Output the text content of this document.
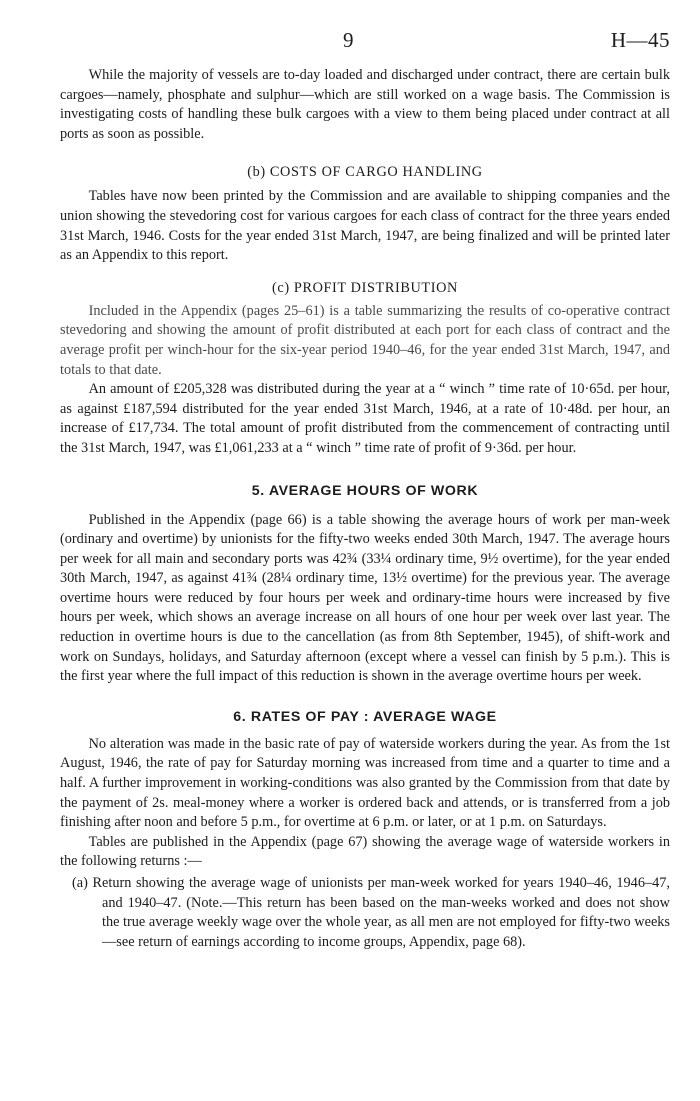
9	H—45

While the majority of vessels are to-day loaded and discharged under contract, there are certain bulk cargoes—namely, phosphate and sulphur—which are still worked on a wage basis. The Commission is investigating costs of handling these bulk cargoes with a view to them being placed under contract at all ports as soon as possible.

(b) COSTS OF CARGO HANDLING

Tables have now been printed by the Commission and are available to shipping companies and the union showing the stevedoring cost for various cargoes for each class of contract for the three years ended 31st March, 1946. Costs for the year ended 31st March, 1947, are being finalized and will be printed later as an Appendix to this report.

(c) PROFIT DISTRIBUTION

Included in the Appendix (pages 25–61) is a table summarizing the results of co-operative contract stevedoring and showing the amount of profit distributed at each port for each class of contract and the average profit per winch-hour for the six-year period 1940–46, for the year ended 31st March, 1947, and totals to that date.

An amount of £205,328 was distributed during the year at a “ winch ” time rate of 10·65d. per hour, as against £187,594 distributed for the year ended 31st March, 1946, at a rate of 10·48d. per hour, an increase of £17,734. The total amount of profit distributed from the commencement of contracting until the 31st March, 1947, was £1,061,233 at a “ winch ” time rate of profit of 9·36d. per hour.

5. AVERAGE HOURS OF WORK

Published in the Appendix (page 66) is a table showing the average hours of work per man-week (ordinary and overtime) by unionists for the fifty-two weeks ended 30th March, 1947. The average hours per week for all main and secondary ports was 42¾ (33¼ ordinary time, 9½ overtime), for the year ended 30th March, 1947, as against 41¾ (28¼ ordinary time, 13½ overtime) for the previous year. The average overtime hours were reduced by four hours per week and ordinary-time hours were increased by five hours per week, which shows an average increase on all hours of one hour per week over last year. The reduction in overtime hours is due to the cancellation (as from 8th September, 1945), of shift-work and work on Sundays, holidays, and Saturday afternoon (except where a vessel can finish by 5 p.m.). This is the first year where the full impact of this reduction is shown in the average overtime hours per week.

6. RATES OF PAY : AVERAGE WAGE

No alteration was made in the basic rate of pay of waterside workers during the year. As from the 1st August, 1946, the rate of pay for Saturday morning was increased from time and a quarter to time and a half. A further improvement in working-conditions was also granted by the Commission from that date by the payment of 2s. meal-money where a worker is ordered back and attends, or is transferred from a job finishing after noon and before 5 p.m., for overtime at 6 p.m. or later, or at 1 p.m. on Saturdays.

Tables are published in the Appendix (page 67) showing the average wage of waterside workers in the following returns :—

(a) Return showing the average wage of unionists per man-week worked for years 1940–46, 1946–47, and 1940–47. (Note.—This return has been based on the man-weeks worked and does not show the true average weekly wage over the whole year, as all men are not employed for fifty-two weeks—see return of earnings according to income groups, Appendix, page 68).
